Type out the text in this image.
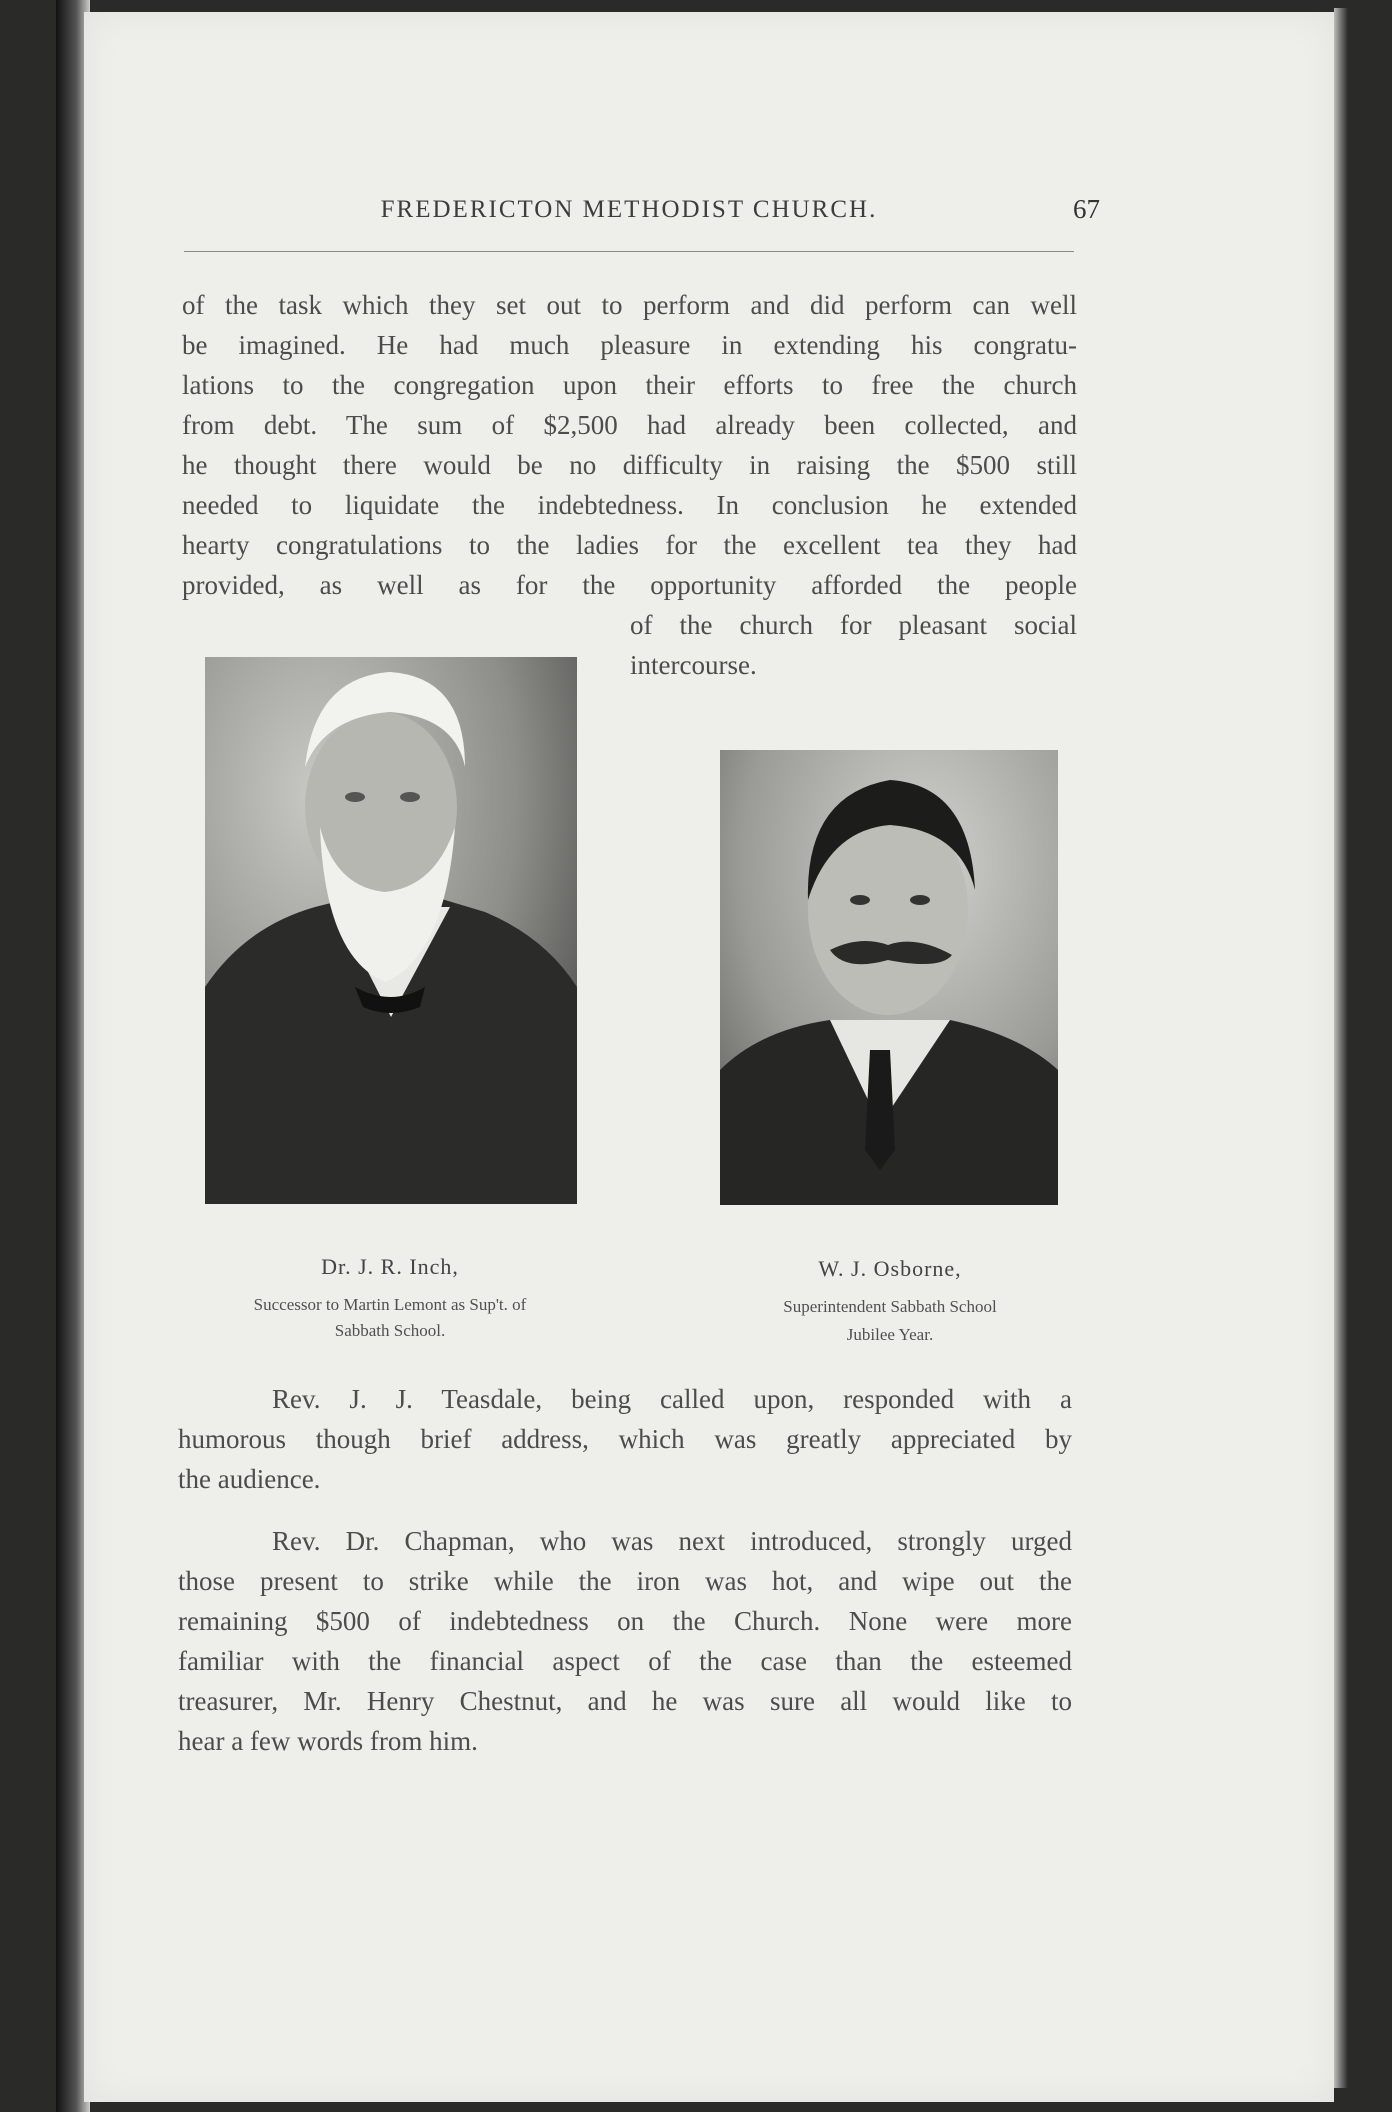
FREDERICTON METHODIST CHURCH.	67
of the task which they set out to perform and did perform can well
be imagined. He had much pleasure in extending his congratu-
lations to the congregation upon their efforts to free the church
from debt. The sum of $2,500 had already been collected, and
he thought there would be no difficulty in raising the $500 still
needed to liquidate the indebtedness. In conclusion he extended
hearty congratulations to the ladies for the excellent tea they had
provided, as well as for the opportunity afforded the people
of the church for pleasant social
intercourse.
Dr. J. R. Inch,
Successor to Martin Lemont as Sup't. of
Sabbath School.
W. J. Osborne,
Superintendent Sabbath School
Jubilee Year.
Rev. J. J. Teasdale, being called upon, responded with a
humorous though brief address, which was greatly appreciated by
the audience.
Rev. Dr. Chapman, who was next introduced, strongly urged
those present to strike while the iron was hot, and wipe out the
remaining $500 of indebtedness on the Church. None were more
familiar with the financial aspect of the case than the esteemed
treasurer, Mr. Henry Chestnut, and he was sure all would like to
hear a few words from him.
